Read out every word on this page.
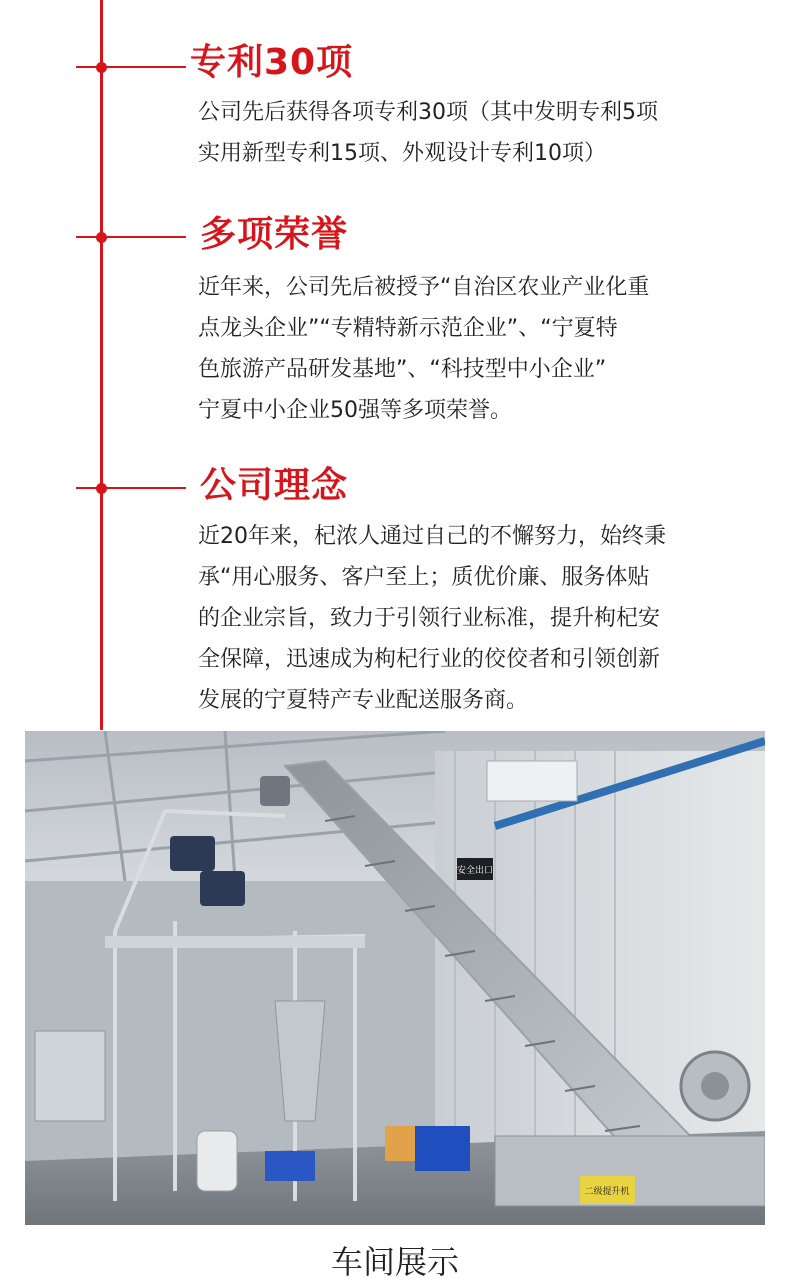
专利30项
公司先后获得各项专利30项（其中发明专利5项
实用新型专利15项、外观设计专利10项）
多项荣誉
近年来，公司先后被授予“自治区农业产业化重
点龙头企业”“专精特新示范企业”、“宁夏特
色旅游产品研发基地”、“科技型中小企业”
宁夏中小企业50强等多项荣誉。
公司理念
近20年来，杞浓人通过自己的不懈努力，始终秉
承“用心服务、客户至上；质优价廉、服务体贴
的企业宗旨，致力于引领行业标准，提升枸杞安
全保障，迅速成为枸杞行业的佼佼者和引领创新
发展的宁夏特产专业配送服务商。
安全出口
二级提升机
车间展示
